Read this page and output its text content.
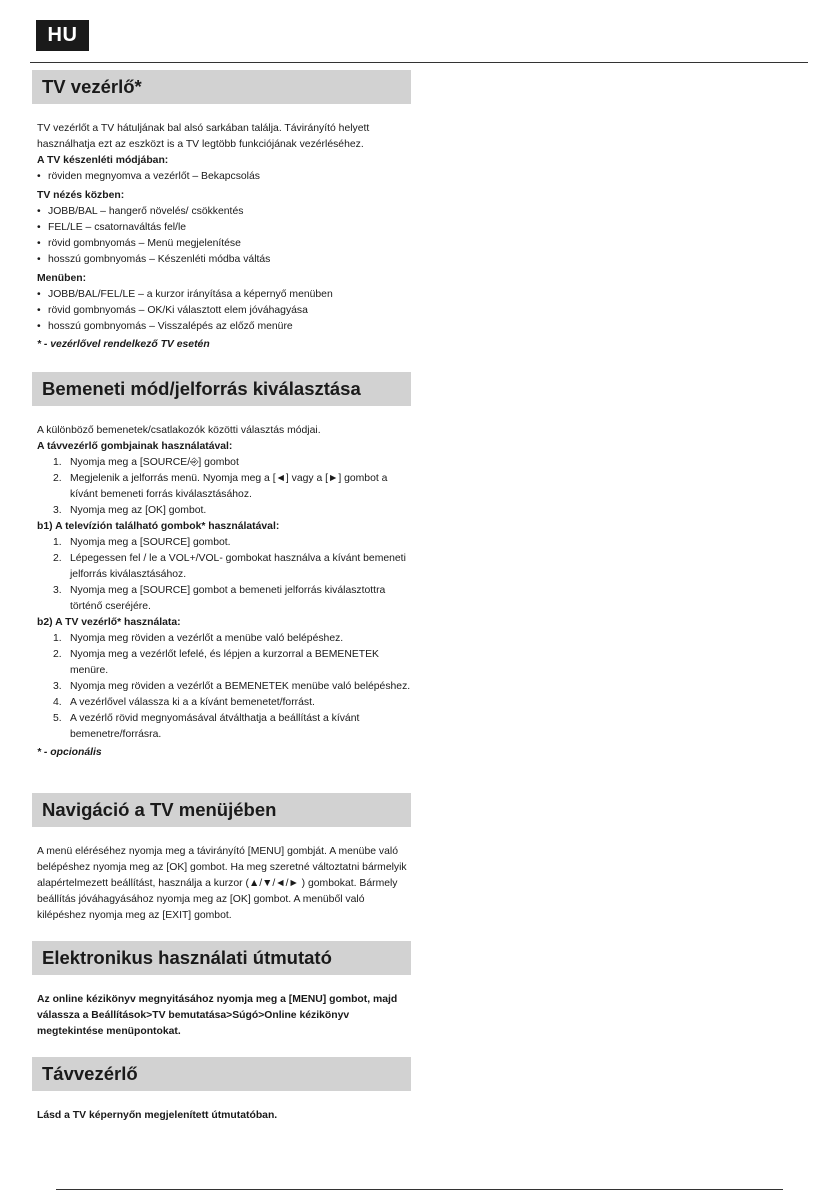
HU
TV vezérlő*

TV vezérlőt a TV hátuljának bal alsó sarkában találja. Távirányító helyett használhatja ezt az eszközt is a TV legtöbb funkciójának vezérléséhez.

A TV készenléti módjában:

• röviden megnyomva a vezérlőt – Bekapcsolás

TV nézés közben:

• JOBB/BAL – hangerő növelés/ csökkentés
• FEL/LE – csatornaváltás fel/le
• rövid gombnyomás – Menü megjelenítése
• hosszú gombnyomás – Készenléti módba váltás

Menüben:

• JOBB/BAL/FEL/LE – a kurzor irányítása a képernyő menüben
• rövid gombnyomás – OK/Ki választott elem jóváhagyása
• hosszú gombnyomás – Visszalépés az előző menüre

* - vezérlővel rendelkező TV esetén

Bemeneti mód/jelforrás kiválasztása

A különböző bemenetek/csatlakozók közötti választás módjai.

A távvezérlő gombjainak használatával:

1. Nyomja meg a [SOURCE/⎆] gombot
2. Megjelenik a jelforrás menü. Nyomja meg a [◄] vagy a [►] gombot a kívánt bemeneti forrás kiválasztásához.
3. Nyomja meg az [OK] gombot.

b1) A televízión található gombok* használatával:

1. Nyomja meg a [SOURCE] gombot.
2. Lépegessen fel / le a VOL+/VOL- gombokat használva a kívánt bemeneti jelforrás kiválasztásához.
3. Nyomja meg a [SOURCE] gombot a bemeneti jelforrás kiválasztottra történő cseréjére.

b2) A TV vezérlő* használata:

1. Nyomja meg röviden a vezérlőt a menübe való belépéshez.
2. Nyomja meg a vezérlőt lefelé, és lépjen a kurzorral a BEMENETEK menüre.
3. Nyomja meg röviden a vezérlőt a BEMENETEK menübe való belépéshez.
4. A vezérlővel válassza ki a a kívánt bemenetet/forrást.
5. A vezérlő rövid megnyomásával átválthatja a beállítást a kívánt bemenetre/forrásra.

* - opcionális

Navigáció a TV menüjében

A menü eléréséhez nyomja meg a távirányító [MENU] gombját. A menübe való belépéshez nyomja meg az [OK] gombot. Ha meg szeretné változtatni bármelyik alapértelmezett beállítást, használja a kurzor (▲/▼/◄/► ) gombokat. Bármely beállítás jóváhagyásához nyomja meg az [OK] gombot. A menüből való kilépéshez nyomja meg az [EXIT] gombot.

Elektronikus használati útmutató

Az online kézikönyv megnyitásához nyomja meg a [MENU] gombot, majd válassza a Beállítások>TV bemutatása>Súgó>Online kézikönyv megtekintése menüpontokat.

Távvezérlő

Lásd a TV képernyőn megjelenített útmutatóban.
